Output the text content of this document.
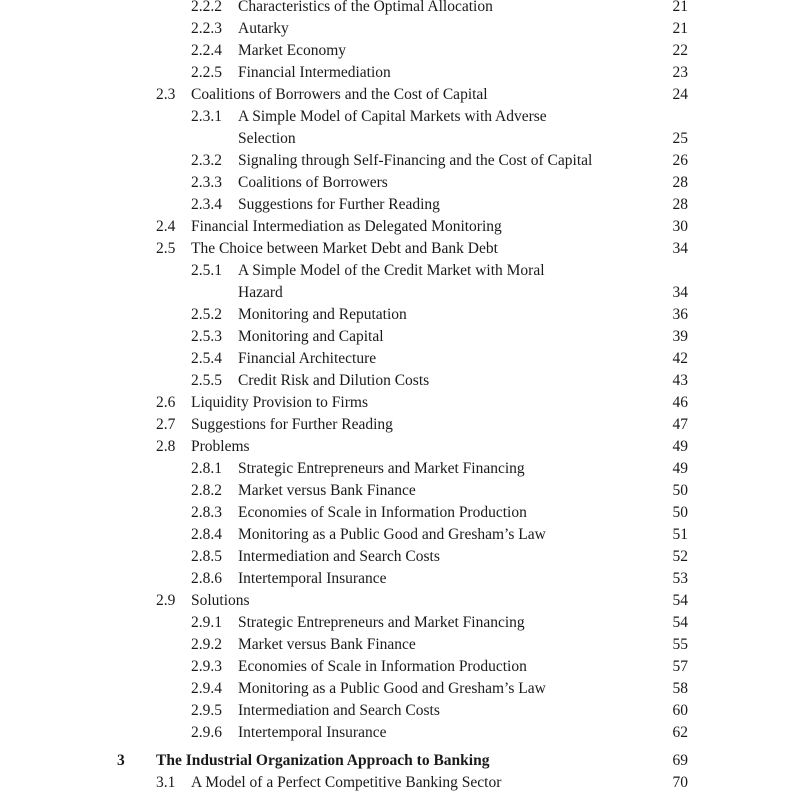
2.2.2 Characteristics of the Optimal Allocation	21
2.2.3 Autarky	21
2.2.4 Market Economy	22
2.2.5 Financial Intermediation	23
2.3 Coalitions of Borrowers and the Cost of Capital	24
2.3.1 A Simple Model of Capital Markets with Adverse
Selection	25
2.3.2 Signaling through Self-Financing and the Cost of Capital	26
2.3.3 Coalitions of Borrowers	28
2.3.4 Suggestions for Further Reading	28
2.4 Financial Intermediation as Delegated Monitoring	30
2.5 The Choice between Market Debt and Bank Debt	34
2.5.1 A Simple Model of the Credit Market with Moral
Hazard	34
2.5.2 Monitoring and Reputation	36
2.5.3 Monitoring and Capital	39
2.5.4 Financial Architecture	42
2.5.5 Credit Risk and Dilution Costs	43
2.6 Liquidity Provision to Firms	46
2.7 Suggestions for Further Reading	47
2.8 Problems	49
2.8.1 Strategic Entrepreneurs and Market Financing	49
2.8.2 Market versus Bank Finance	50
2.8.3 Economies of Scale in Information Production	50
2.8.4 Monitoring as a Public Good and Gresham’s Law	51
2.8.5 Intermediation and Search Costs	52
2.8.6 Intertemporal Insurance	53
2.9 Solutions	54
2.9.1 Strategic Entrepreneurs and Market Financing	54
2.9.2 Market versus Bank Finance	55
2.9.3 Economies of Scale in Information Production	57
2.9.4 Monitoring as a Public Good and Gresham’s Law	58
2.9.5 Intermediation and Search Costs	60
2.9.6 Intertemporal Insurance	62
3 The Industrial Organization Approach to Banking	69
3.1 A Model of a Perfect Competitive Banking Sector	70
